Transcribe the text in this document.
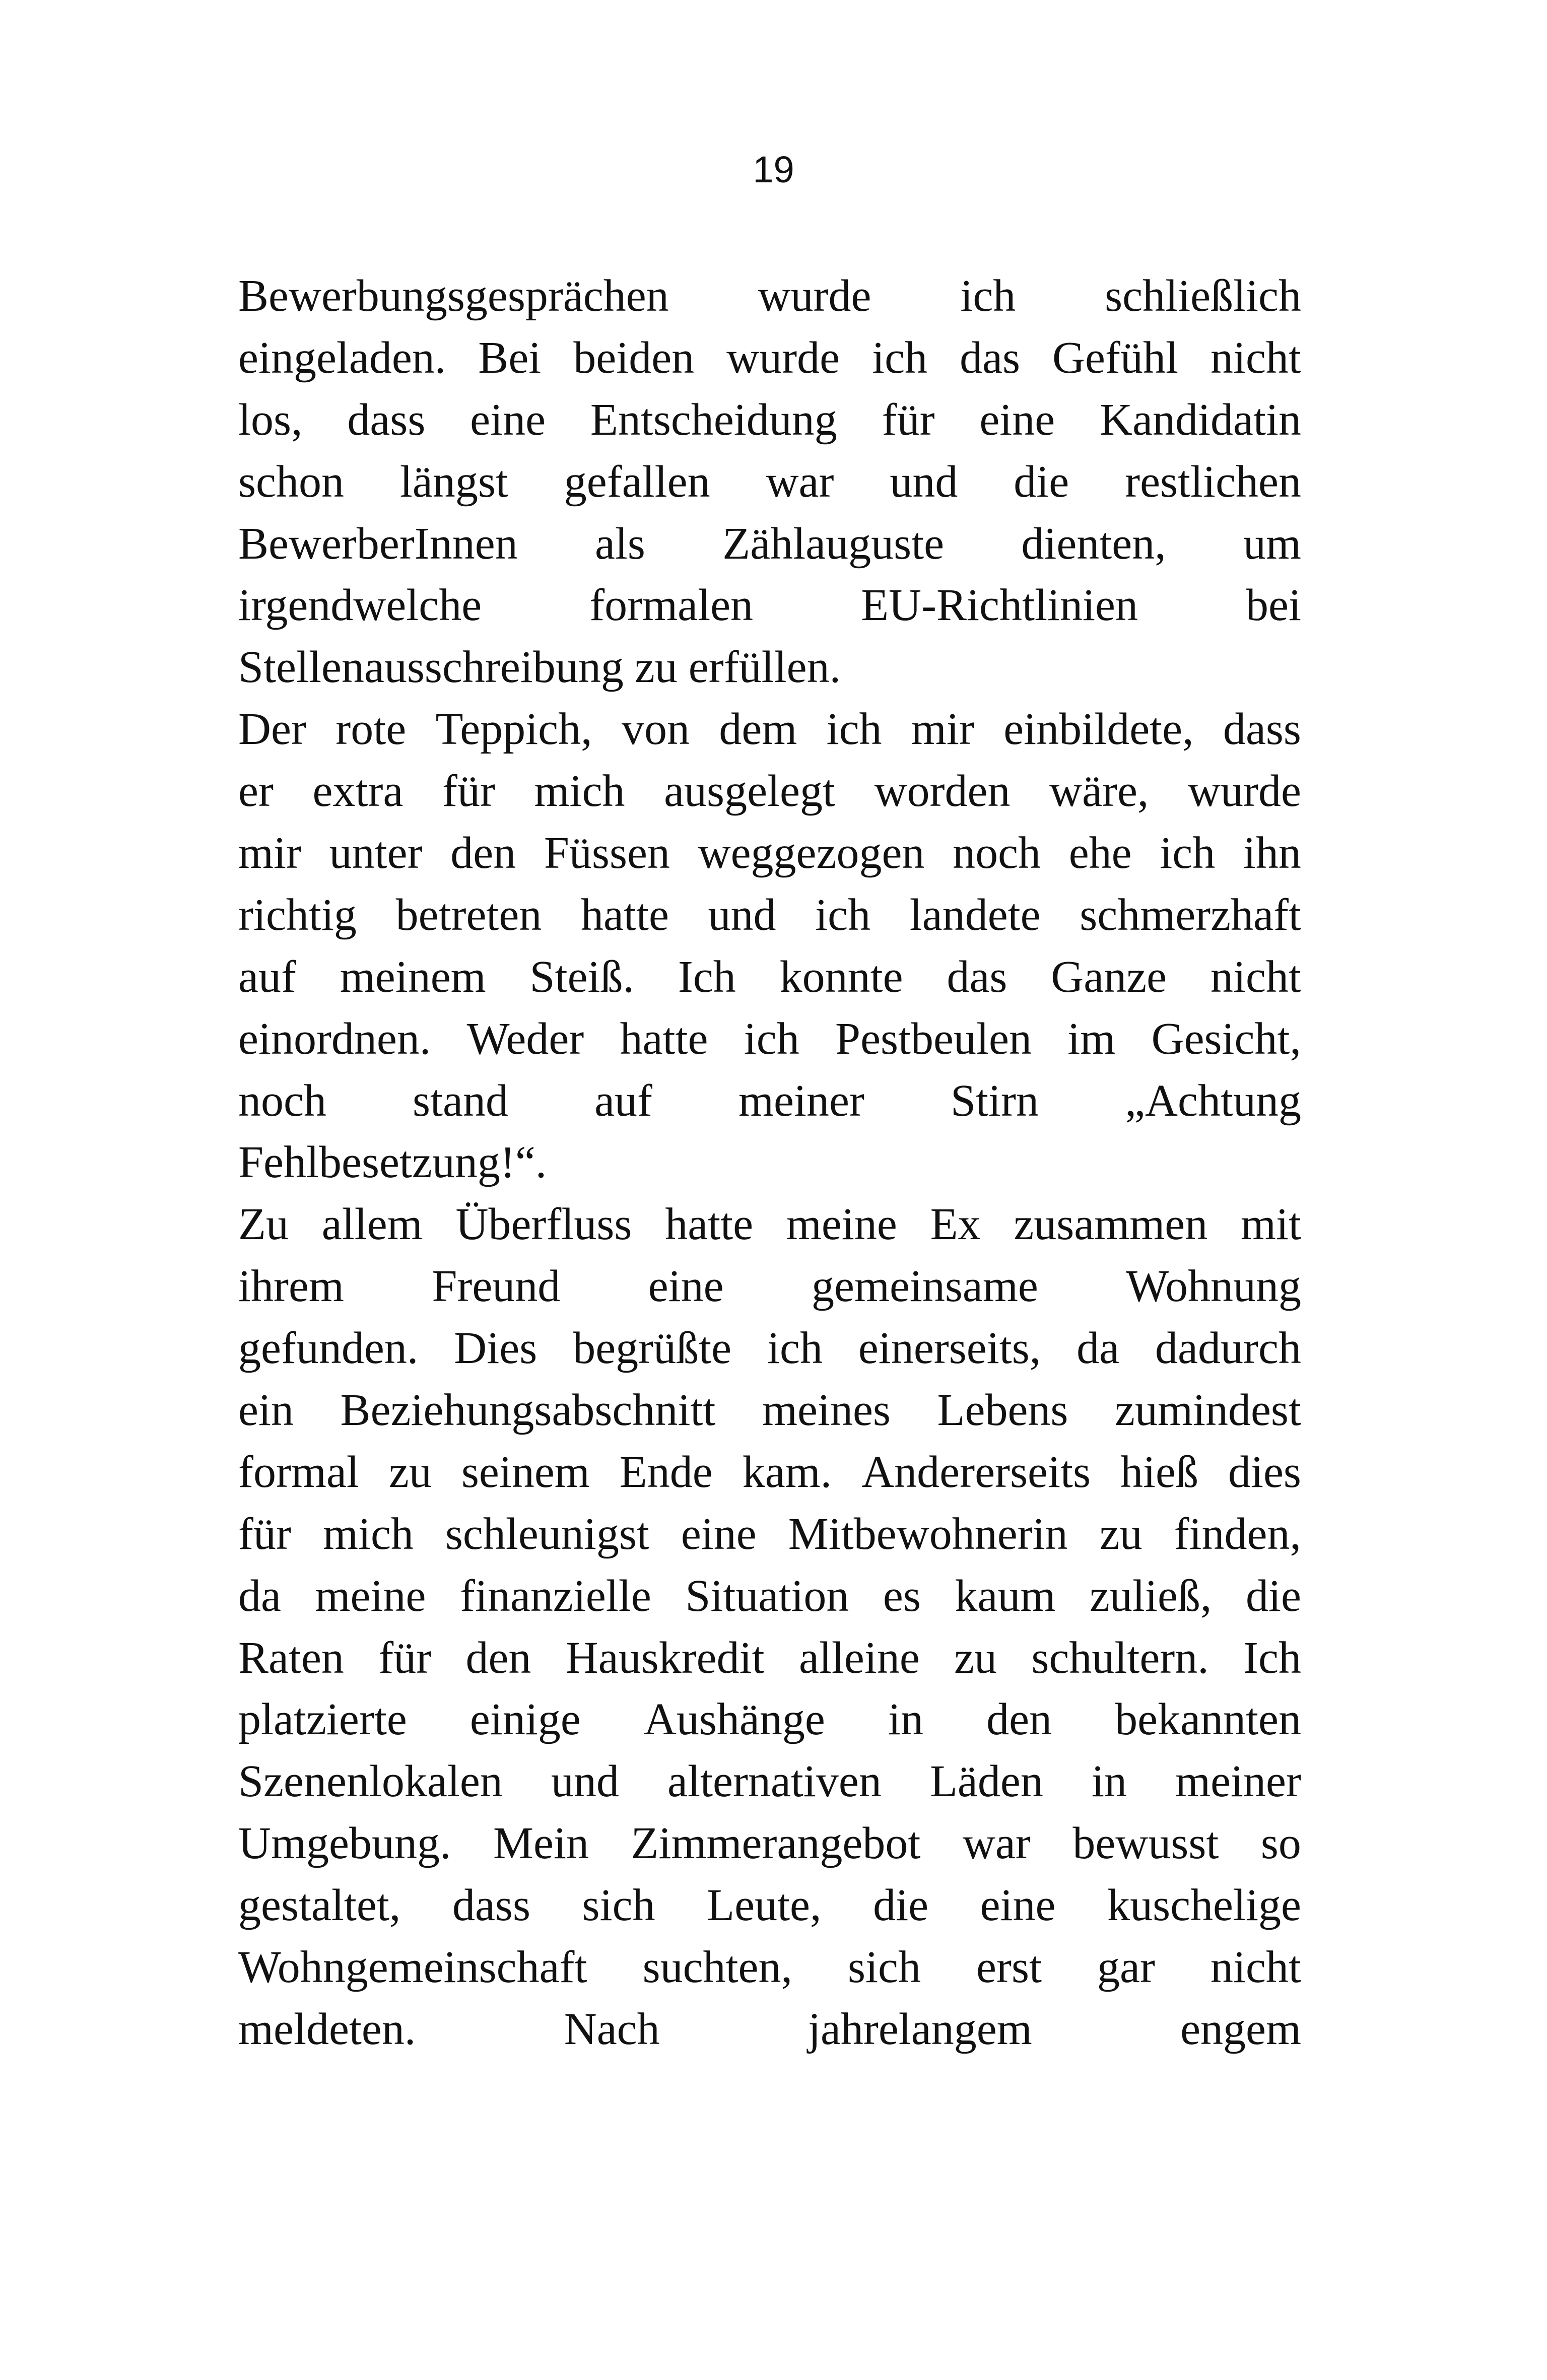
19
Bewerbungsgesprächen wurde ich schließlich
eingeladen. Bei beiden wurde ich das Gefühl nicht
los, dass eine Entscheidung für eine Kandidatin
schon längst gefallen war und die restlichen
BewerberInnen als Zählauguste dienten, um
irgendwelche formalen EU-Richtlinien bei
Stellenausschreibung zu erfüllen.
Der rote Teppich, von dem ich mir einbildete, dass
er extra für mich ausgelegt worden wäre, wurde
mir unter den Füssen weggezogen noch ehe ich ihn
richtig betreten hatte und ich landete schmerzhaft
auf meinem Steiß. Ich konnte das Ganze nicht
einordnen. Weder hatte ich Pestbeulen im Gesicht,
noch stand auf meiner Stirn „Achtung
Fehlbesetzung!“.
Zu allem Überfluss hatte meine Ex zusammen mit
ihrem Freund eine gemeinsame Wohnung
gefunden. Dies begrüßte ich einerseits, da dadurch
ein Beziehungsabschnitt meines Lebens zumindest
formal zu seinem Ende kam. Andererseits hieß dies
für mich schleunigst eine Mitbewohnerin zu finden,
da meine finanzielle Situation es kaum zuließ, die
Raten für den Hauskredit alleine zu schultern. Ich
platzierte einige Aushänge in den bekannten
Szenenlokalen und alternativen Läden in meiner
Umgebung. Mein Zimmerangebot war bewusst so
gestaltet, dass sich Leute, die eine kuschelige
Wohngemeinschaft suchten, sich erst gar nicht
meldeten.	Nach	jahrelangem	engem
